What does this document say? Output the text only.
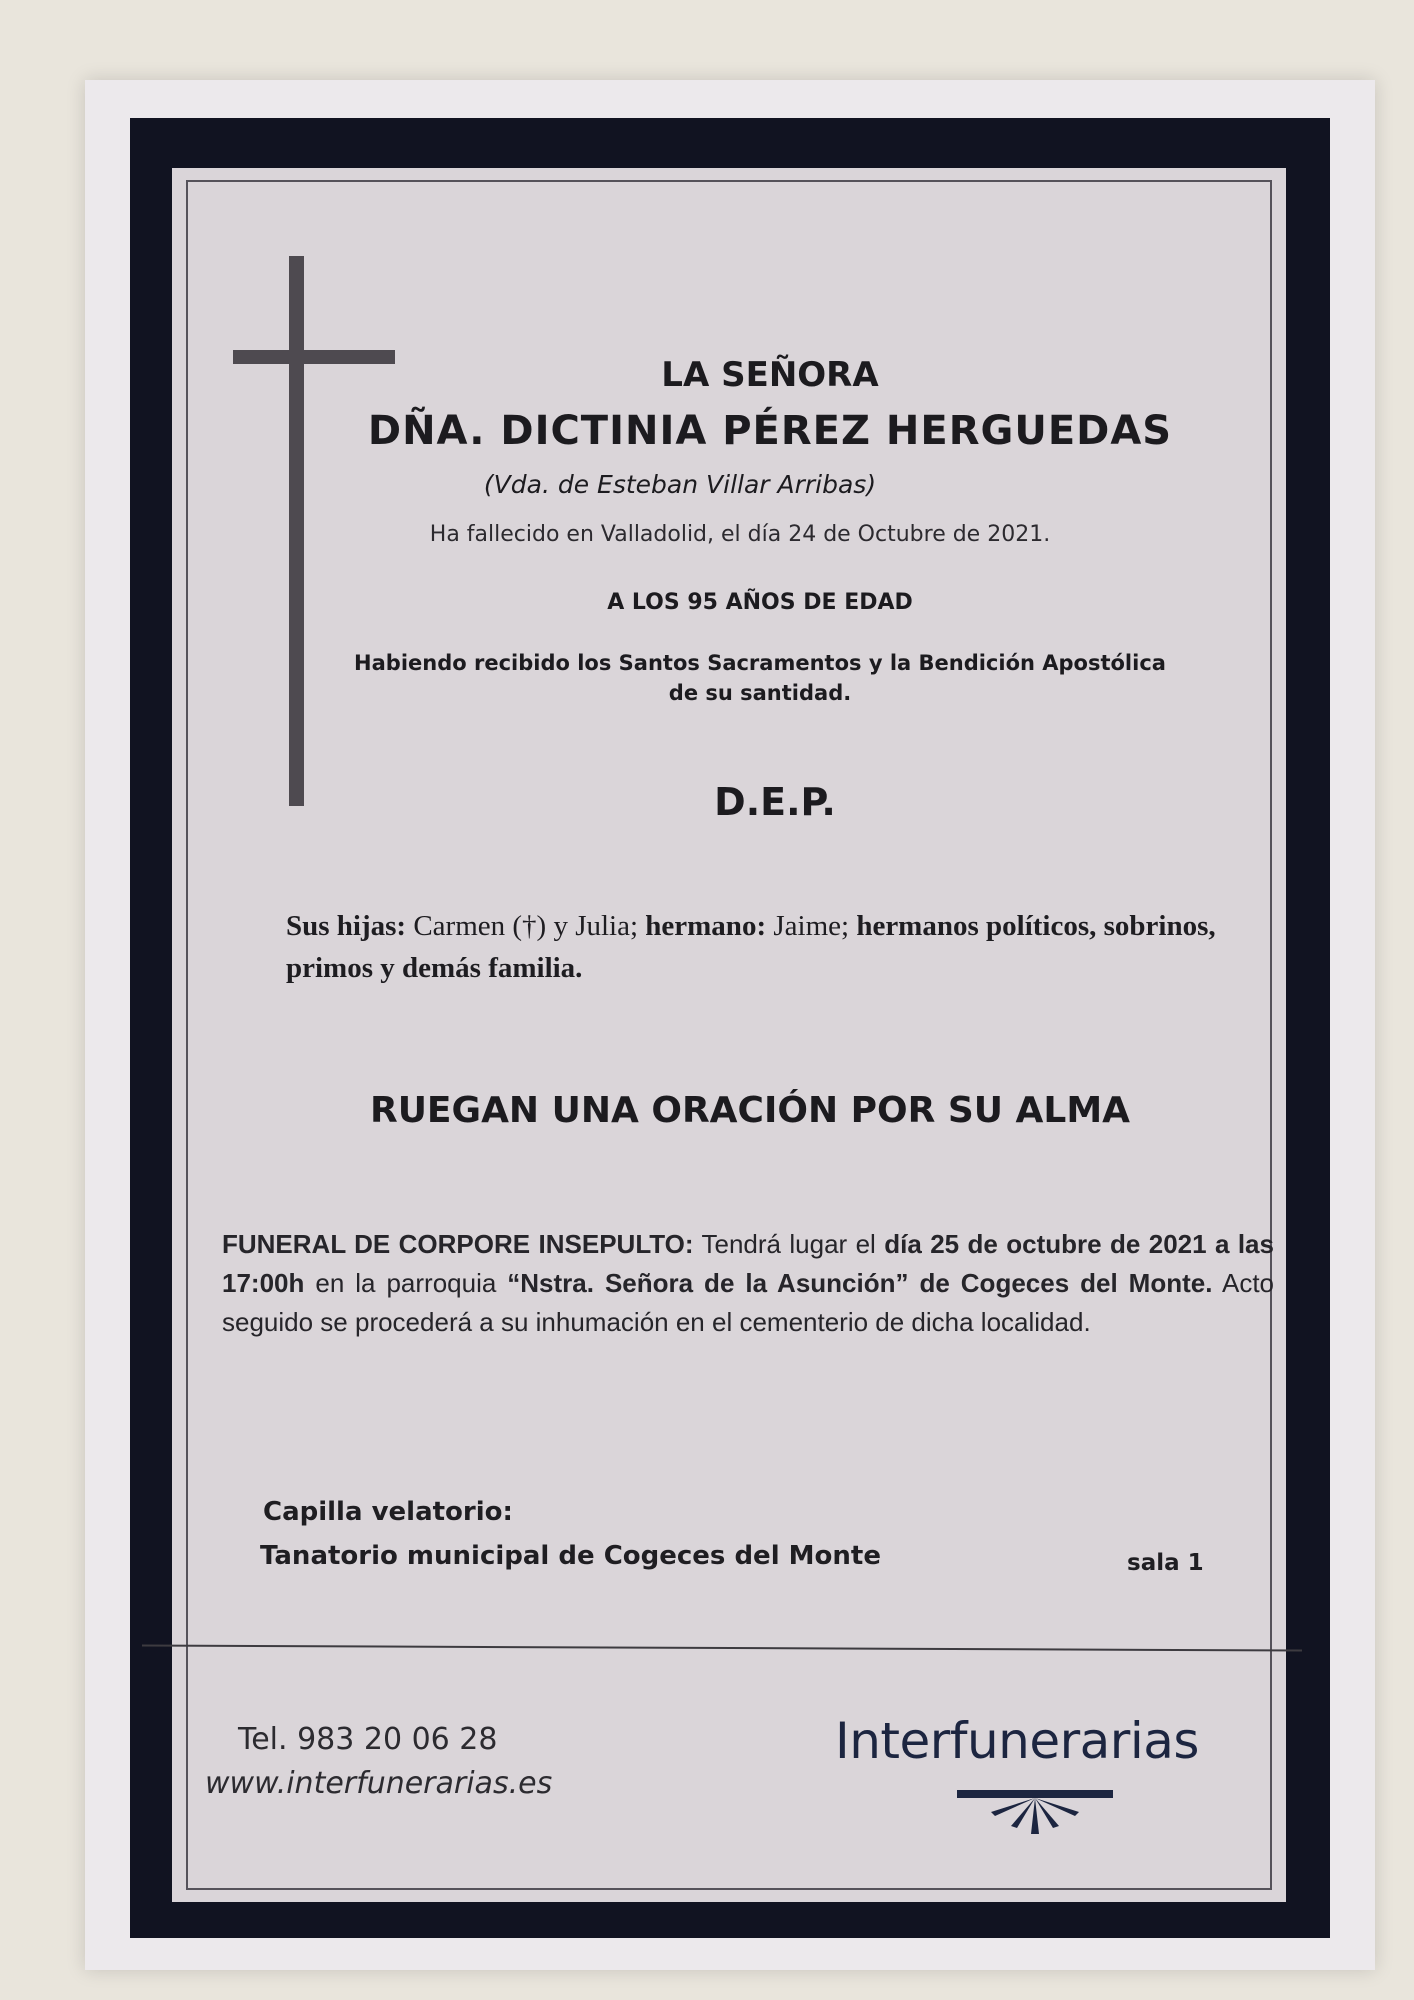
LA SEÑORA

DÑA. DICTINIA PÉREZ HERGUEDAS

(Vda. de Esteban Villar Arribas)

Ha fallecido en Valladolid, el día 24 de Octubre de 2021.

A LOS 95 AÑOS DE EDAD

Habiendo recibido los Santos Sacramentos y la Bendición Apostólica
de su santidad.

D.E.P.

Sus hijas: Carmen (†) y Julia; hermano: Jaime; hermanos políticos, sobrinos, primos y demás familia.

RUEGAN UNA ORACIÓN POR SU ALMA

FUNERAL DE CORPORE INSEPULTO: Tendrá lugar el día 25 de octubre de 2021 a las 17:00h en la parroquia “Nstra. Señora de la Asunción” de Cogeces del Monte. Acto seguido se procederá a su inhumación en el cementerio de dicha localidad.

Capilla velatorio:

Tanatorio municipal de Cogeces del Monte	sala 1

Tel. 983 20 06 28

www.interfunerarias.es

Interfunerarias
